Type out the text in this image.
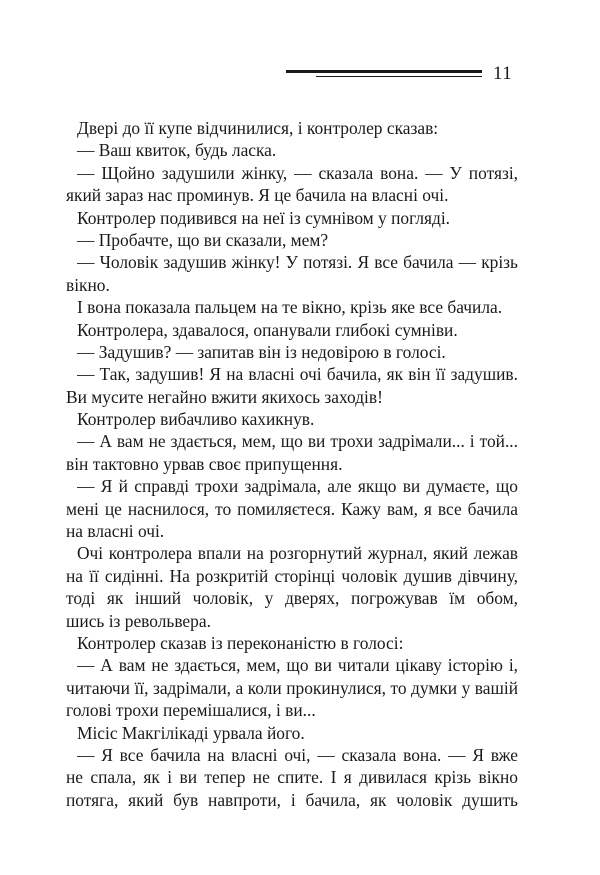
11
Двері до її купе відчинилися, і контролер сказав:
— Ваш квиток, будь ласка.
— Щойно задушили жінку, — сказала вона. — У потязі,
який зараз нас проминув. Я це бачила на власні очі.
Контролер подивився на неї із сумнівом у погляді.
— Пробачте, що ви сказали, мем?
— Чоловік задушив жінку! У потязі. Я все бачила — крізь
вікно.
І вона показала пальцем на те вікно, крізь яке все бачила.
Контролера, здавалося, опанували глибокі сумніви.
— Задушив? — запитав він із недовірою в голосі.
— Так, задушив! Я на власні очі бачила, як він її задушив.
Ви мусите негайно вжити якихось заходів!
Контролер вибачливо кахикнув.
— А вам не здається, мем, що ви трохи задрімали... і той...
він тактовно урвав своє припущення.
— Я й справді трохи задрімала, але якщо ви думаєте, що
мені це наснилося, то помиляєтеся. Кажу вам, я все бачила
на власні очі.
Очі контролера впали на розгорнутий журнал, який лежав
на її сидінні. На розкритій сторінці чоловік душив дівчину,
тоді як інший чоловік, у дверях, погрожував їм обом,
шись із револьвера.
Контролер сказав із переконаністю в голосі:
— А вам не здається, мем, що ви читали цікаву історію і,
читаючи її, задрімали, а коли прокинулися, то думки у вашій
голові трохи перемішалися, і ви...
Місіс Макгілікаді урвала його.
— Я все бачила на власні очі, — сказала вона. — Я вже
не спала, як і ви тепер не спите. І я дивилася крізь вікно
потяга, який був навпроти, і бачила, як чоловік душить
